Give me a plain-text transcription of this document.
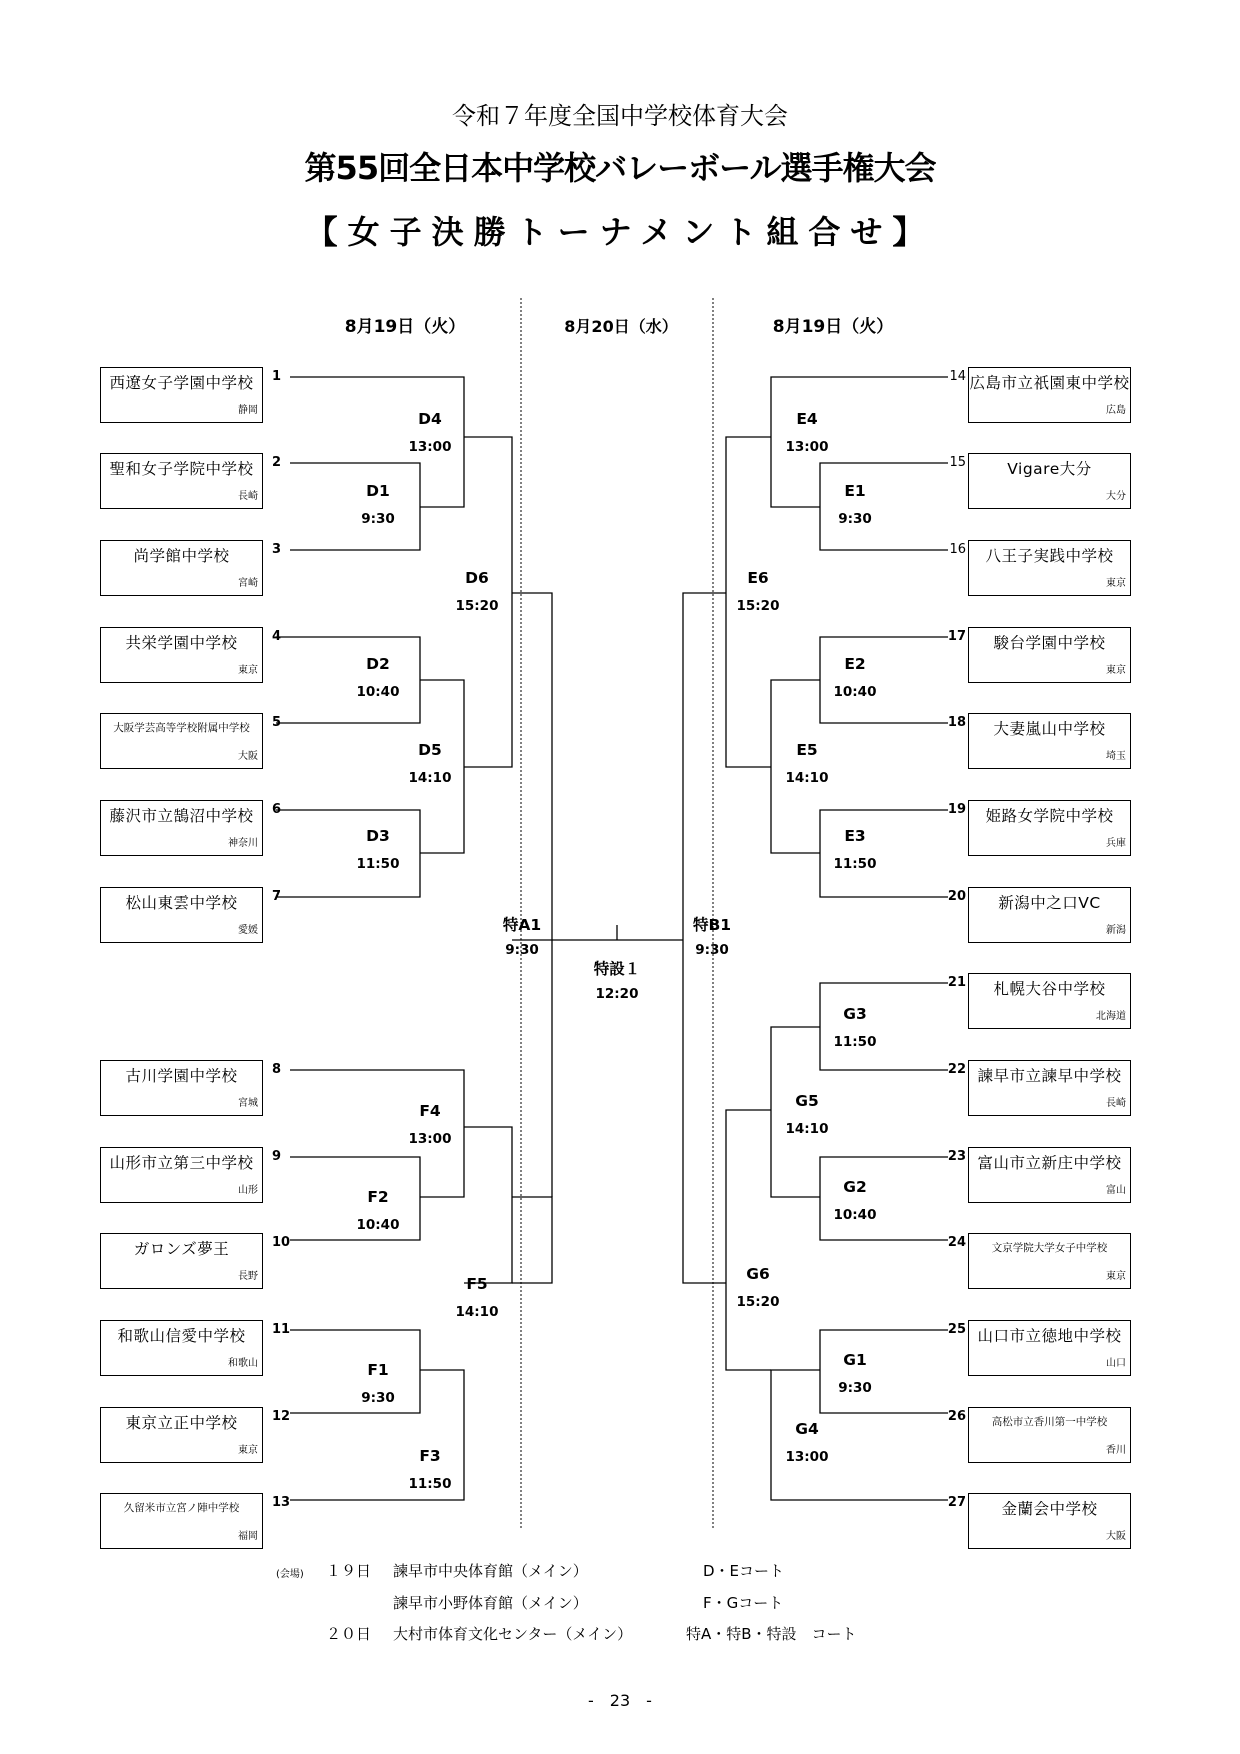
令和７年度全国中学校体育大会
第55回全日本中学校バレーボール選手権大会
【女子決勝トーナメント組合せ】
8月19日（火）	8月20日（水）	8月19日（火）
西遼女子学園中学校
静岡
1
聖和女子学院中学校
長崎
2
尚学館中学校
宮崎
3
共栄学園中学校
東京
4
大阪学芸高等学校附属中学校
大阪
5
藤沢市立鵠沼中学校
神奈川
6
松山東雲中学校
愛媛
7
古川学園中学校
宮城
8
山形市立第三中学校
山形
9
ガロンズ夢王
長野
10
和歌山信愛中学校
和歌山
11
東京立正中学校
東京
12
久留米市立宮ノ陣中学校
福岡
13
広島市立祇園東中学校
広島
14
Vigare大分
大分
15
八王子実践中学校
東京
16
駿台学園中学校
東京
17
大妻嵐山中学校
埼玉
18
姫路女学院中学校
兵庫
19
新潟中之口VC
新潟
20
札幌大谷中学校
北海道
21
諫早市立諫早中学校
長崎
22
富山市立新庄中学校
富山
23
文京学院大学女子中学校
東京
24
山口市立徳地中学校
山口
25
高松市立香川第一中学校
香川
26
金蘭会中学校
大阪
27
D4
13:00
D1
9:30
D6
15:20
D2
10:40
D5
14:10
D3
11:50
特A1
9:30
F4
13:00
F2
10:40
F5
14:10
F1
9:30
F3
11:50
E4
13:00
E1
9:30
E6
15:20
E2
10:40
E5
14:10
E3
11:50
特B1
9:30
G3
11:50
G5
14:10
G2
10:40
G6
15:20
G1
9:30
G4
13:00
特設１
12:20
(会場) １９日 諫早市中央体育館（メイン）	D・Eコート
諫早市小野体育館（メイン）	F・Gコート
２０日 大村市体育文化センター（メイン）	特A・特B・特設　コート
-　23　-
